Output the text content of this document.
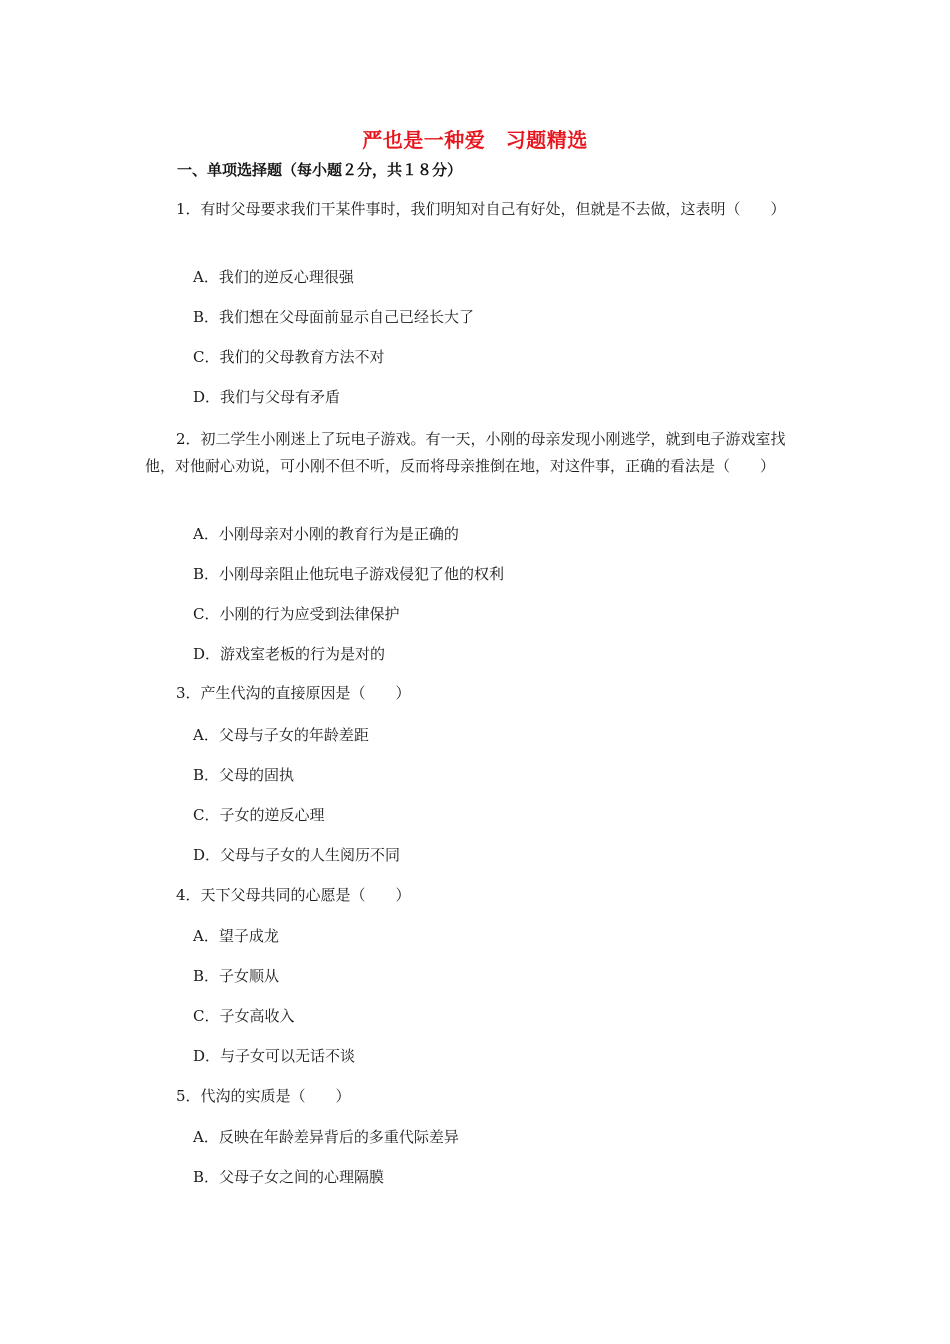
严也是一种爱　习题精选
一、单项选择题（每小题２分，共１８分）
1．有时父母要求我们干某件事时，我们明知对自己有好处，但就是不去做，这表明（　　）
A．我们的逆反心理很强
B．我们想在父母面前显示自己已经长大了
C．我们的父母教育方法不对
D．我们与父母有矛盾
2．初二学生小刚迷上了玩电子游戏。有一天，小刚的母亲发现小刚逃学，就到电子游戏室找他，对他耐心劝说，可小刚不但不听，反而将母亲推倒在地，对这件事，正确的看法是（　　）
A．小刚母亲对小刚的教育行为是正确的
B．小刚母亲阻止他玩电子游戏侵犯了他的权利
C．小刚的行为应受到法律保护
D．游戏室老板的行为是对的
3．产生代沟的直接原因是（　　）
A．父母与子女的年龄差距
B．父母的固执
C．子女的逆反心理
D．父母与子女的人生阅历不同
4．天下父母共同的心愿是（　　）
A．望子成龙
B．子女顺从
C．子女高收入
D．与子女可以无话不谈
5．代沟的实质是（　　）
A．反映在年龄差异背后的多重代际差异
B．父母子女之间的心理隔膜
